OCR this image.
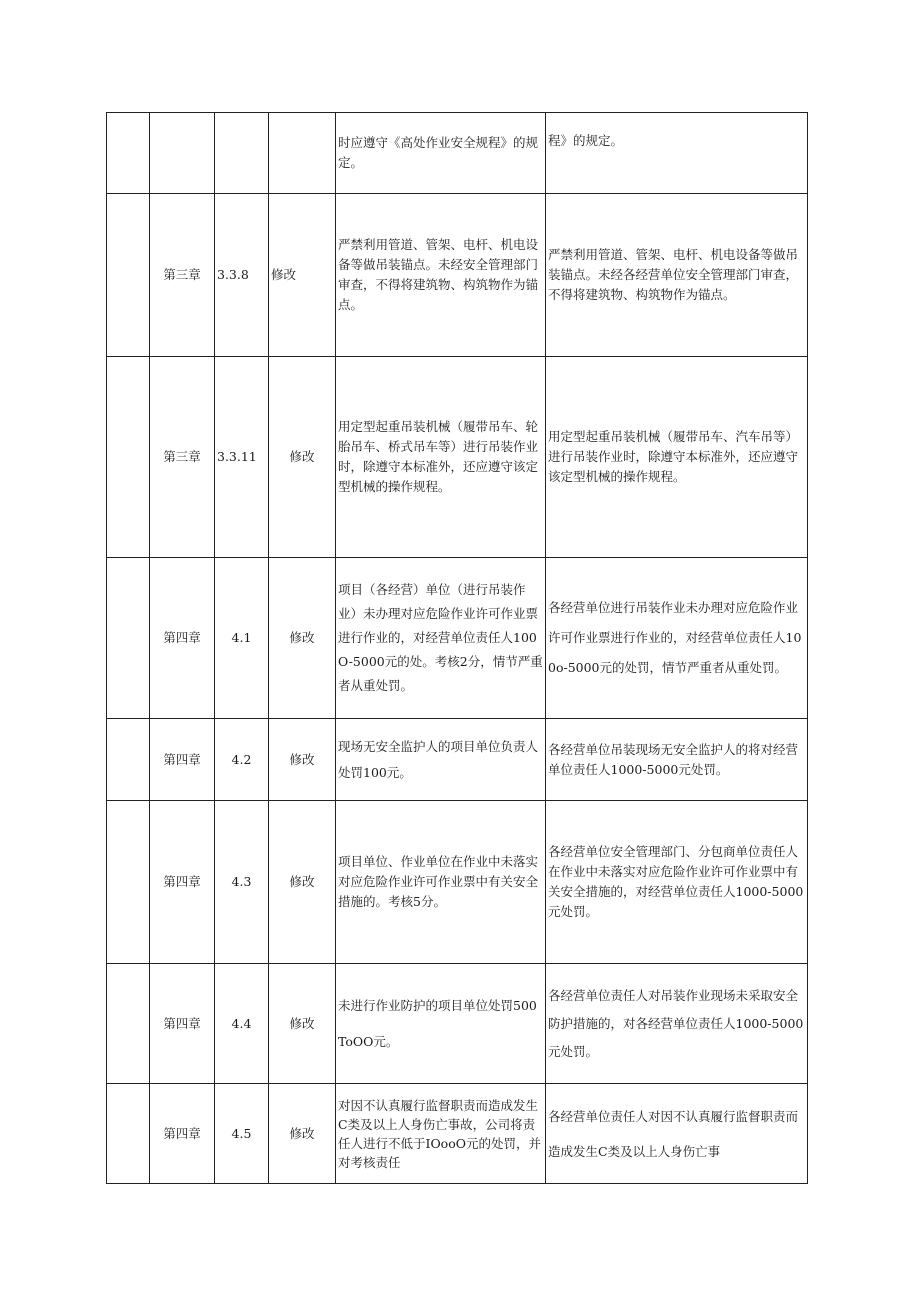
				时应遵守《高处作业安全规程》的规定。	程》的规定。
	第三章	3.3.8	修改	严禁利用管道、管架、电杆、机电设备等做吊装锚点。未经安全管理部门审查，不得将建筑物、构筑物作为锚点。	严禁利用管道、管架、电杆、机电设备等做吊装锚点。未经各经营单位安全管理部门审查，不得将建筑物、构筑物作为锚点。
	第三章	3.3.11	修改	用定型起重吊装机械（履带吊车、轮胎吊车、桥式吊车等）进行吊装作业时，除遵守本标准外，还应遵守该定型机械的操作规程。	用定型起重吊装机械（履带吊车、汽车吊等）进行吊装作业时，除遵守本标准外，还应遵守该定型机械的操作规程。
	第四章	4.1	修改	项目（各经营）单位（进行吊装作业）未办理对应危险作业许可作业票进行作业的，对经营单位责任人100O-5000元的处。考核2分，情节严重者从重处罚。	各经营单位进行吊装作业未办理对应危险作业许可作业票进行作业的，对经营单位责任人100o-5000元的处罚，情节严重者从重处罚。
	第四章	4.2	修改	现场无安全监护人的项目单位负责人处罚100元。	各经营单位吊装现场无安全监护人的将对经营单位责任人1000-5000元处罚。
	第四章	4.3	修改	项目单位、作业单位在作业中未落实对应危险作业许可作业票中有关安全措施的。考核5分。	各经营单位安全管理部门、分包商单位责任人在作业中未落实对应危险作业许可作业票中有关安全措施的，对经营单位责任人1000-5000元处罚。
	第四章	4.4	修改	未进行作业防护的项目单位处罚500ToOO元。	各经营单位责任人对吊装作业现场未采取安全防护措施的，对各经营单位责任人1000-5000元处罚。
	第四章	4.5	修改	对因不认真履行监督职责而造成发生C类及以上人身伤亡事故，公司将责任人进行不低于IOooO元的处罚，并对考核责任	各经营单位责任人对因不认真履行监督职责而造成发生C类及以上人身伤亡事
